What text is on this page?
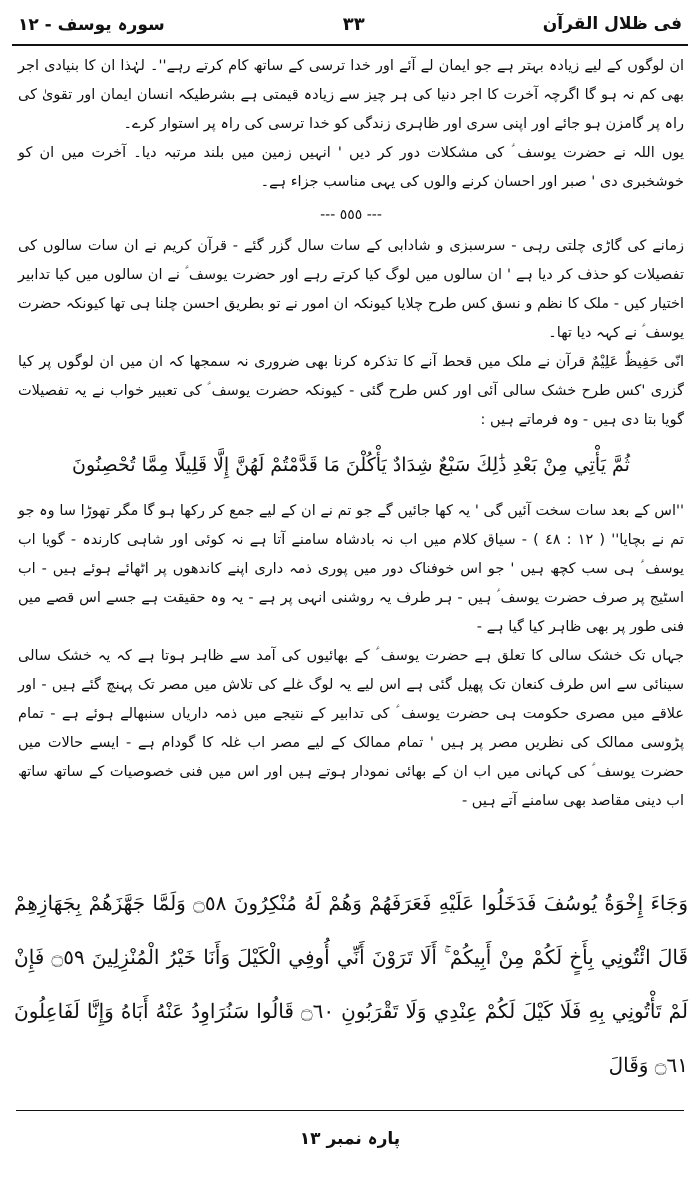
فی ظلال القرآن
٣٣
سورہ یوسف - ١٢

ان لوگوں کے لیے زیادہ بہتر ہے جو ایمان لے آئے اور خدا ترسی کے ساتھ کام کرتے رہے''۔ لہٰذا ان کا بنیادی اجر بھی کم نہ ہو گا اگرچہ آخرت کا اجر دنیا کی ہر چیز سے زیادہ قیمتی ہے بشرطیکہ انسان ایمان اور تقویٰ کی راہ پر گامزن ہو جائے اور اپنی سری اور ظاہری زندگی کو خدا ترسی کی راہ پر استوار کرے۔

یوں اللہ نے حضرت یوسف ؑ کی مشکلات دور کر دیں ' انہیں زمین میں بلند مرتبہ دیا۔ آخرت میں ان کو خوشخبری دی ' صبر اور احسان کرنے والوں کی یہی مناسب جزاء ہے۔

--- ٥٥٥ ---

زمانے کی گاڑی چلتی رہی - سرسبزی و شادابی کے سات سال گزر گئے - قرآن کریم نے ان سات سالوں کی تفصیلات کو حذف کر دیا ہے ' ان سالوں میں لوگ کیا کرتے رہے اور حضرت یوسف ؑ نے ان سالوں میں کیا تدابیر اختیار کیں - ملک کا نظم و نسق کس طرح چلایا کیونکہ ان امور نے تو بطریق احسن چلنا ہی تھا کیونکہ حضرت یوسف ؑ نے کہہ دیا تھا۔

انّی حَفِیظٌ عَلِیْمٌ قرآن نے ملک میں قحط آنے کا تذکرہ کرنا بھی ضروری نہ سمجھا کہ ان میں ان لوگوں پر کیا گزری 'کس طرح خشک سالی آئی اور کس طرح گئی - کیونکہ حضرت یوسف ؑ کی تعبیر خواب نے یہ تفصیلات گویا بتا دی ہیں - وہ فرماتے ہیں :

ثُمَّ يَأْتِي مِنْ بَعْدِ ذَٰلِكَ سَبْعٌ شِدَادٌ يَأْكُلْنَ مَا قَدَّمْتُمْ لَهُنَّ إِلَّا قَلِيلًا مِمَّا تُحْصِنُونَ

''اس کے بعد سات سخت آئیں گی ' یہ کھا جائیں گے جو تم نے ان کے لیے جمع کر رکھا ہو گا مگر تھوڑا سا وہ جو تم نے بچایا'' ( ١٢ : ٤٨ ) - سیاق کلام میں اب نہ بادشاہ سامنے آتا ہے نہ کوئی اور شاہی کارندہ - گویا اب یوسف ؑ ہی سب کچھ ہیں ' جو اس خوفناک دور میں پوری ذمہ داری اپنے کاندھوں پر اٹھائے ہوئے ہیں - اب اسٹیج پر صرف حضرت یوسف ؑ ہیں - ہر طرف یہ روشنی انہی پر ہے - یہ وہ حقیقت ہے جسے اس قصے میں فنی طور پر بھی ظاہر کیا گیا ہے -

جہاں تک خشک سالی کا تعلق ہے حضرت یوسف ؑ کے بھائیوں کی آمد سے ظاہر ہوتا ہے کہ یہ خشک سالی سینائی سے اس طرف کنعان تک پھیل گئی ہے اس لیے یہ لوگ غلے کی تلاش میں مصر تک پہنچ گئے ہیں - اور علاقے میں مصری حکومت ہی حضرت یوسف ؑ کی تدابیر کے نتیجے میں ذمہ داریاں سنبھالے ہوئے ہے - تمام پڑوسی ممالک کی نظریں مصر پر ہیں ' تمام ممالک کے لیے مصر اب غلہ کا گودام ہے - ایسے حالات میں حضرت یوسف ؑ کی کہانی میں اب ان کے بھائی نمودار ہوتے ہیں اور اس میں فنی خصوصیات کے ساتھ ساتھ اب دینی مقاصد بھی سامنے آتے ہیں -

وَجَاءَ إِخْوَةُ يُوسُفَ فَدَخَلُوا عَلَيْهِ فَعَرَفَهُمْ وَهُمْ لَهُ مُنْكِرُونَ ۝٥٨ وَلَمَّا جَهَّزَهُمْ بِجَهَازِهِمْ قَالَ ائْتُونِي بِأَخٍ لَكُمْ مِنْ أَبِيكُمْ ۚ أَلَا تَرَوْنَ أَنِّي أُوفِي الْكَيْلَ وَأَنَا خَيْرُ الْمُنْزِلِينَ ۝٥٩ فَإِنْ لَمْ تَأْتُونِي بِهِ فَلَا كَيْلَ لَكُمْ عِنْدِي وَلَا تَقْرَبُونِ ۝٦٠ قَالُوا سَنُرَاوِدُ عَنْهُ أَبَاهُ وَإِنَّا لَفَاعِلُونَ ۝٦١ وَقَالَ
پارہ نمبر ١٣
